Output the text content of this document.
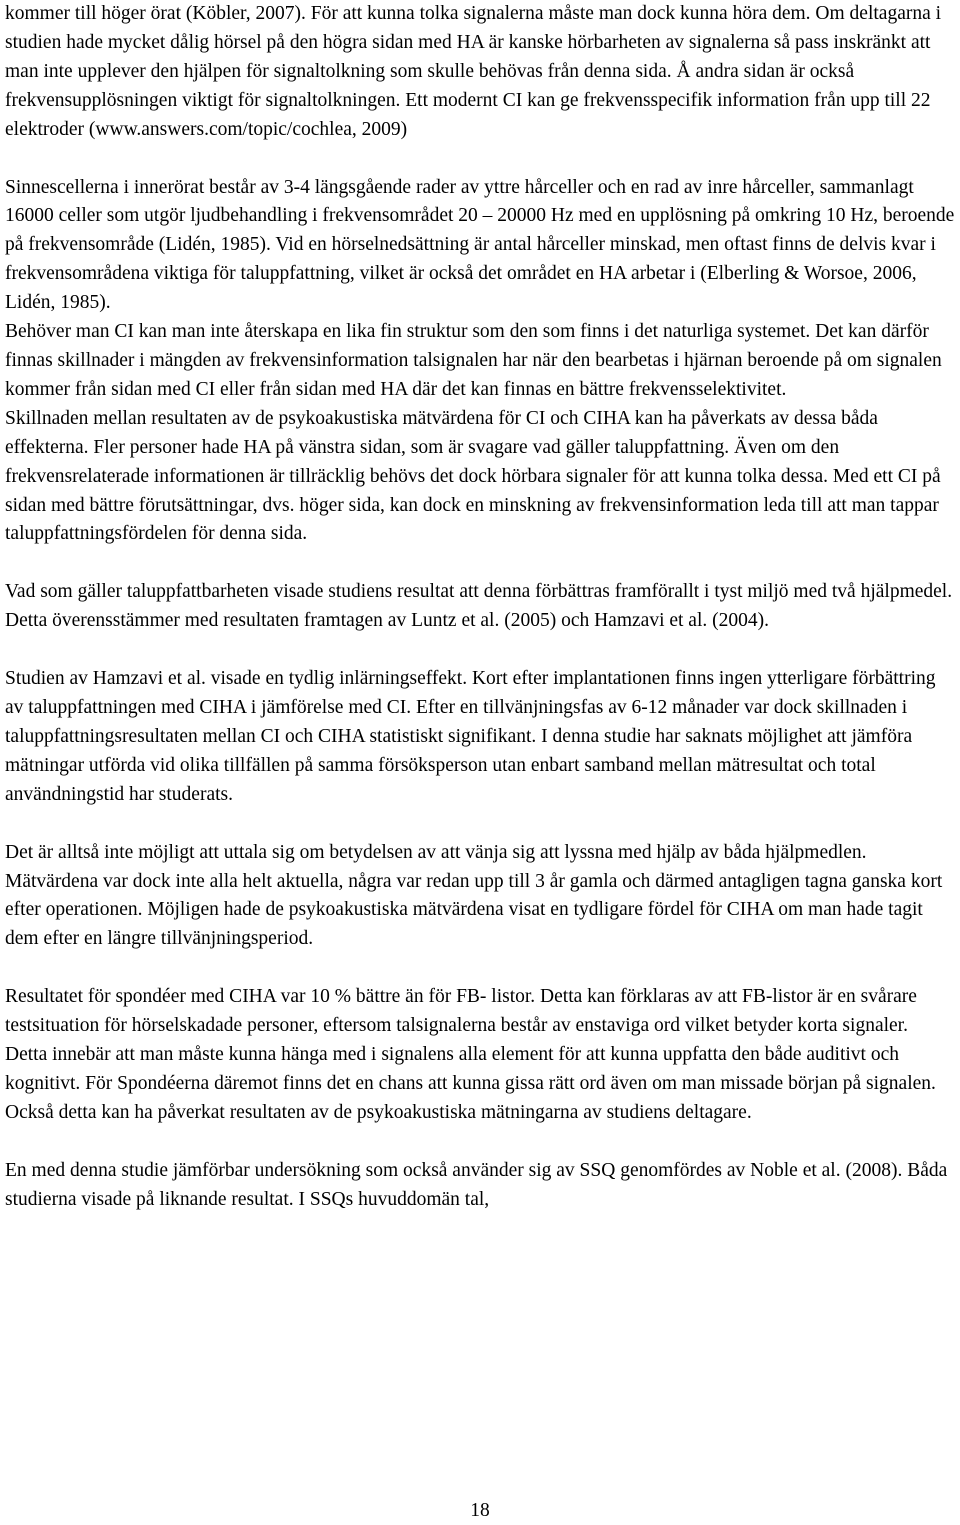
kommer till höger örat (Köbler, 2007). För att kunna tolka signalerna måste man dock kunna höra dem. Om deltagarna i studien hade mycket dålig hörsel på den högra sidan med HA är kanske hörbarheten av signalerna så pass inskränkt att man inte upplever den hjälpen för signaltolkning som skulle behövas från denna sida. Å andra sidan är också frekvensupplösningen viktigt för signaltolkningen. Ett modernt CI kan ge frekvensspecifik information från upp till 22 elektroder (www.answers.com/topic/cochlea, 2009)

Sinnescellerna i innerörat består av 3-4 längsgående rader av yttre hårceller och en rad av inre hårceller, sammanlagt 16000 celler som utgör ljudbehandling i frekvensområdet 20 – 20000 Hz med en upplösning på omkring 10 Hz, beroende på frekvensområde (Lidén, 1985). Vid en hörselnedsättning är antal hårceller minskad, men oftast finns de delvis kvar i frekvensområdena viktiga för taluppfattning, vilket är också det området en HA arbetar i (Elberling & Worsoe, 2006, Lidén, 1985).

Behöver man CI kan man inte återskapa en lika fin struktur som den som finns i det naturliga systemet. Det kan därför finnas skillnader i mängden av frekvensinformation talsignalen har när den bearbetas i hjärnan beroende på om signalen kommer från sidan med CI eller från sidan med HA där det kan finnas en bättre frekvensselektivitet.

Skillnaden mellan resultaten av de psykoakustiska mätvärdena för CI och CIHA kan ha påverkats av dessa båda effekterna. Fler personer hade HA på vänstra sidan, som är svagare vad gäller taluppfattning. Även om den frekvensrelaterade informationen är tillräcklig behövs det dock hörbara signaler för att kunna tolka dessa. Med ett CI på sidan med bättre förutsättningar, dvs. höger sida, kan dock en minskning av frekvensinformation leda till att man tappar taluppfattningsfördelen för denna sida.

Vad som gäller taluppfattbarheten visade studiens resultat att denna förbättras framförallt i tyst miljö med två hjälpmedel. Detta överensstämmer med resultaten framtagen av Luntz et al. (2005) och Hamzavi et al. (2004).

Studien av Hamzavi et al. visade en tydlig inlärningseffekt. Kort efter implantationen finns ingen ytterligare förbättring av taluppfattningen med CIHA i jämförelse med CI. Efter en tillvänjningsfas av 6-12 månader var dock skillnaden i taluppfattningsresultaten mellan CI och CIHA statistiskt signifikant. I denna studie har saknats möjlighet att jämföra mätningar utförda vid olika tillfällen på samma försöksperson utan enbart samband mellan mätresultat och total användningstid har studerats.

Det är alltså inte möjligt att uttala sig om betydelsen av att vänja sig att lyssna med hjälp av båda hjälpmedlen. Mätvärdena var dock inte alla helt aktuella, några var redan upp till 3 år gamla och därmed antagligen tagna ganska kort efter operationen. Möjligen hade de psykoakustiska mätvärdena visat en tydligare fördel för CIHA om man hade tagit dem efter en längre tillvänjningsperiod.

Resultatet för spondéer med CIHA var 10 % bättre än för FB- listor. Detta kan förklaras av att FB-listor är en svårare testsituation för hörselskadade personer, eftersom talsignalerna består av enstaviga ord vilket betyder korta signaler. Detta innebär att man måste kunna hänga med i signalens alla element för att kunna uppfatta den både auditivt och kognitivt. För Spondéerna däremot finns det en chans att kunna gissa rätt ord även om man missade början på signalen. Också detta kan ha påverkat resultaten av de psykoakustiska mätningarna av studiens deltagare.

En med denna studie jämförbar undersökning som också använder sig av SSQ genomfördes av Noble et al. (2008). Båda studierna visade på liknande resultat. I SSQs huvuddomän tal,

18
